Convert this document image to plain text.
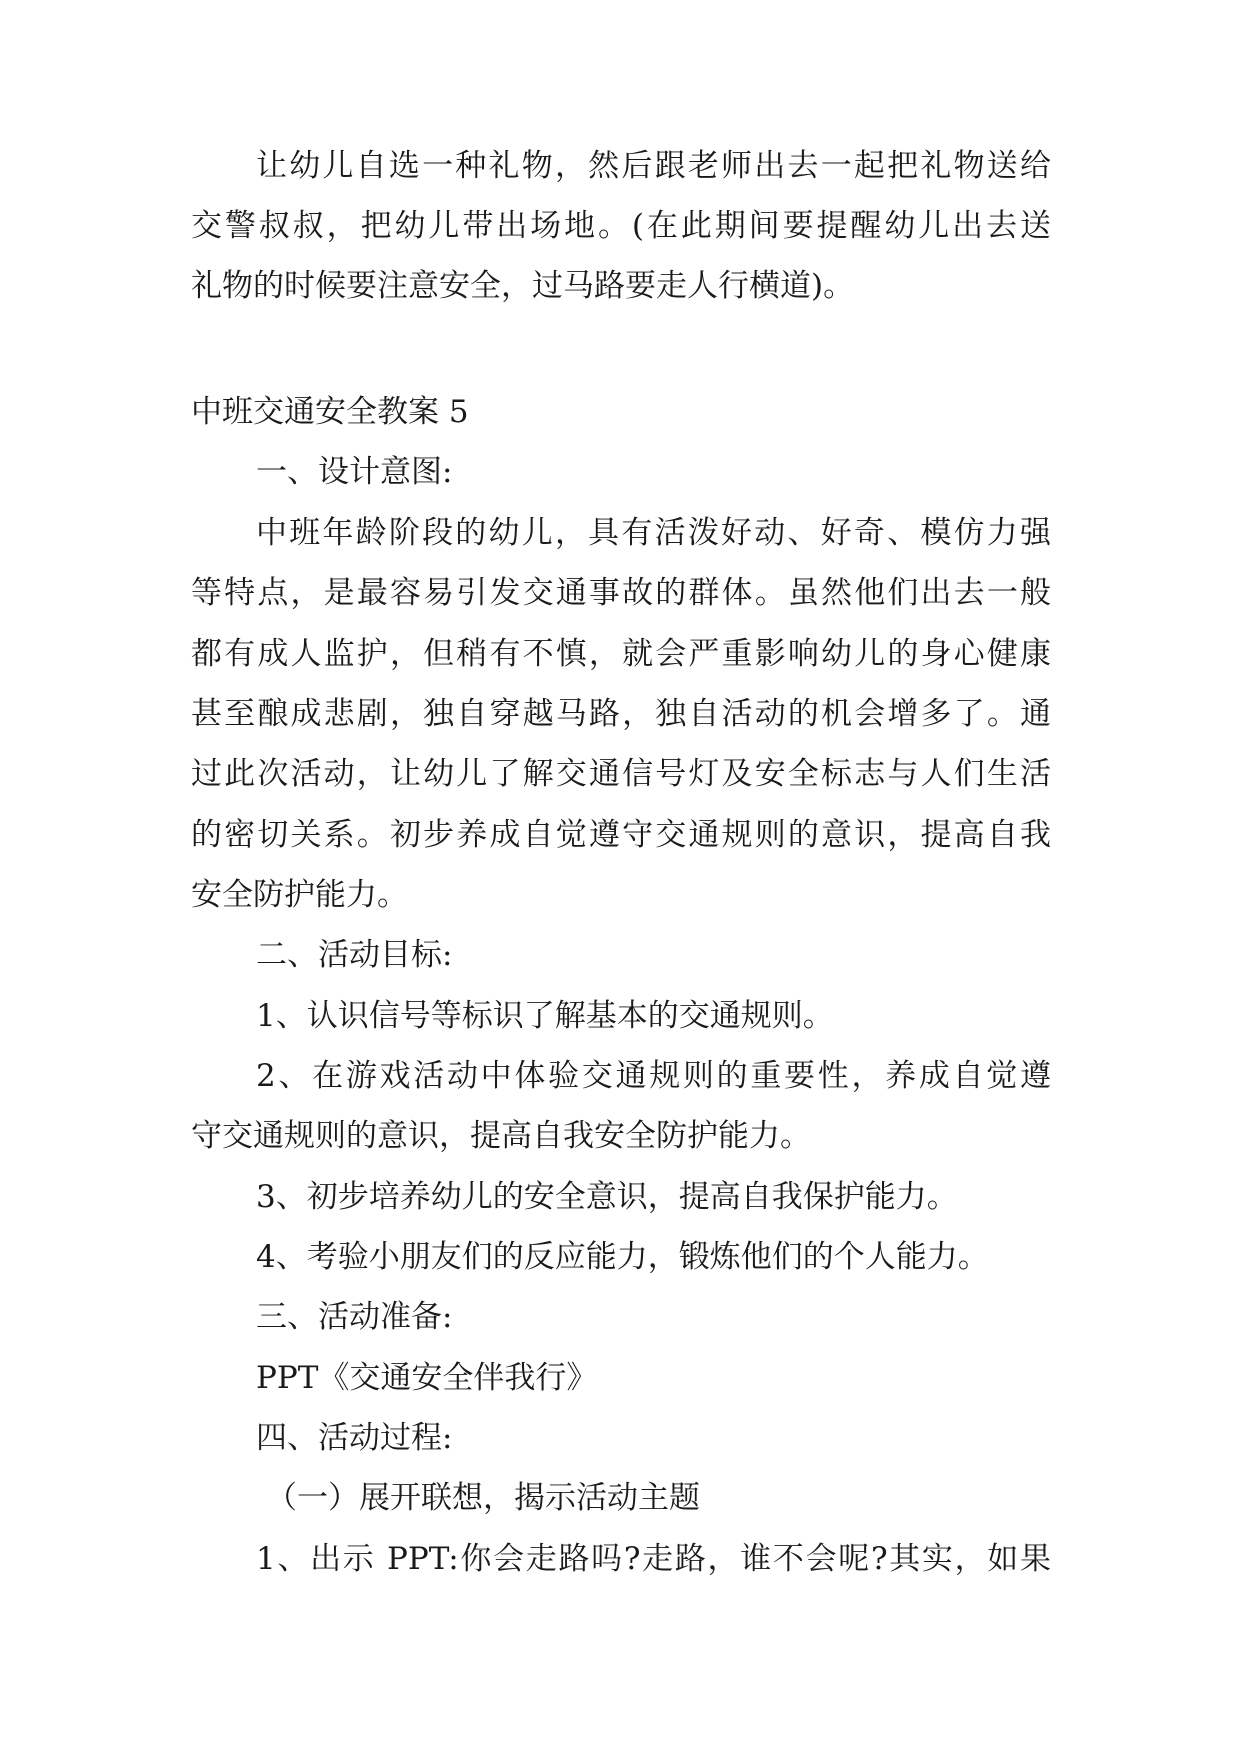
让幼儿自选一种礼物，然后跟老师出去一起把礼物送给
交警叔叔，把幼儿带出场地。(在此期间要提醒幼儿出去送
礼物的时候要注意安全，过马路要走人行横道)。
中班交通安全教案 5
一、设计意图:
中班年龄阶段的幼儿，具有活泼好动、好奇、模仿力强
等特点，是最容易引发交通事故的群体。虽然他们出去一般
都有成人监护，但稍有不慎，就会严重影响幼儿的身心健康
甚至酿成悲剧，独自穿越马路，独自活动的机会增多了。通
过此次活动，让幼儿了解交通信号灯及安全标志与人们生活
的密切关系。初步养成自觉遵守交通规则的意识，提高自我
安全防护能力。
二、活动目标:
1、认识信号等标识了解基本的交通规则。
2、在游戏活动中体验交通规则的重要性，养成自觉遵
守交通规则的意识，提高自我安全防护能力。
3、初步培养幼儿的安全意识，提高自我保护能力。
4、考验小朋友们的反应能力，锻炼他们的个人能力。
三、活动准备:
PPT《交通安全伴我行》
四、活动过程:
（一）展开联想，揭示活动主题
1、出示 PPT:你会走路吗?走路，谁不会呢?其实，如果
